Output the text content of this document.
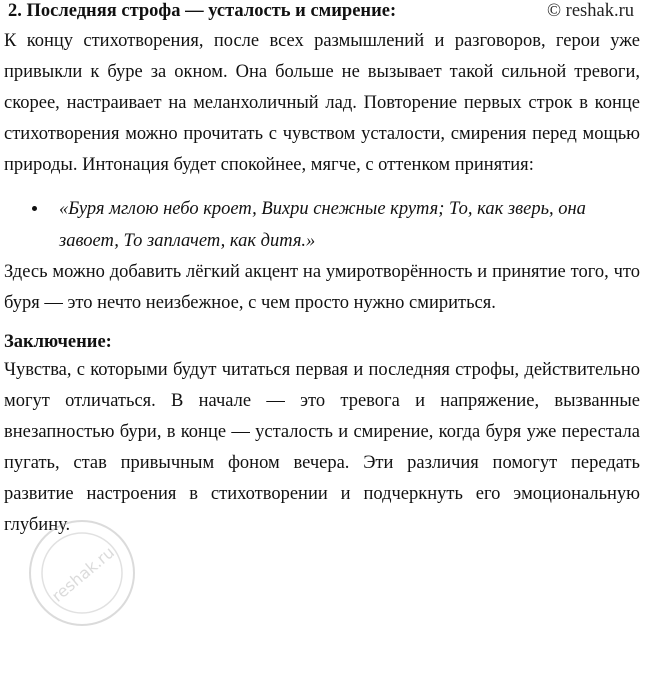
2. Последняя строфа — усталость и смирение:	© reshak.ru

К концу стихотворения, после всех размышлений и разговоров, герои уже привыкли к буре за окном. Она больше не вызывает такой сильной тревоги, скорее, настраивает на меланхоличный лад. Повторение первых строк в конце стихотворения можно прочитать с чувством усталости, смирения перед мощью природы. Интонация будет спокойнее, мягче, с оттенком принятия:

«Буря мглою небо кроет, Вихри снежные крутя; То, как зверь, она завоет, То заплачет, как дитя.»

Здесь можно добавить лёгкий акцент на умиротворённость и принятие того, что буря — это нечто неизбежное, с чем просто нужно смириться.

Заключение:

Чувства, с которыми будут читаться первая и последняя строфы, действительно могут отличаться. В начале — это тревога и напряжение, вызванные внезапностью бури, в конце — усталость и смирение, когда буря уже перестала пугать, став привычным фоном вечера. Эти различия помогут передать развитие настроения в стихотворении и подчеркнуть его эмоциональную глубину.

reshak.ru
